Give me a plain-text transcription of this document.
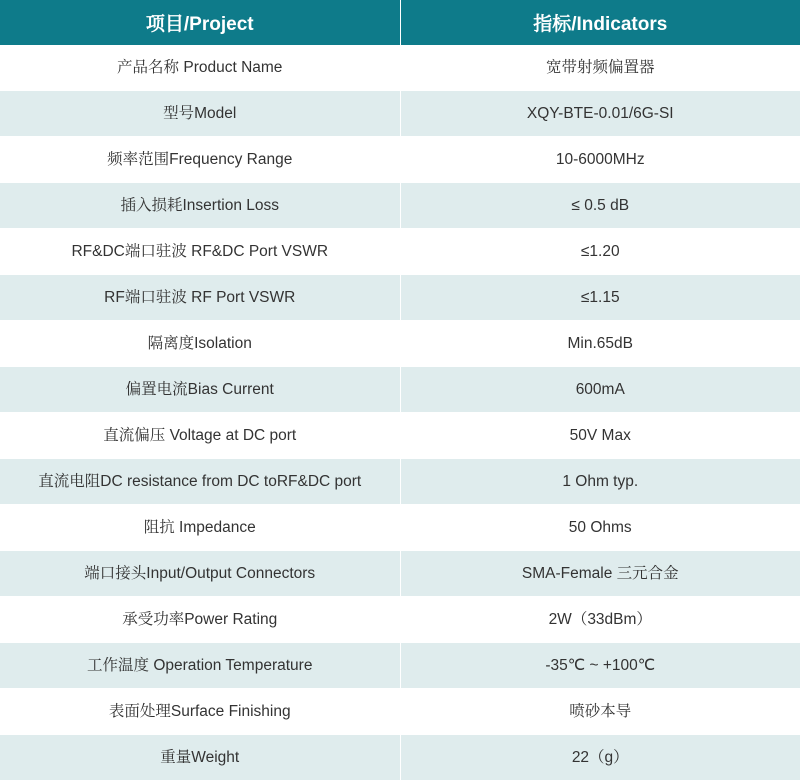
项目/Project	指标/Indicators
产品名称 Product Name	宽带射频偏置器
型号Model	XQY-BTE-0.01/6G-SI
频率范围Frequency Range	10-6000MHz
插入损耗Insertion Loss	≤ 0.5 dB
RF&DC端口驻波 RF&DC Port VSWR	≤1.20
RF端口驻波 RF Port VSWR	≤1.15
隔离度Isolation	Min.65dB
偏置电流Bias Current	600mA
直流偏压 Voltage at DC port	50V Max
直流电阻DC resistance from DC toRF&DC port	1 Ohm typ.
阻抗 Impedance	50 Ohms
端口接头Input/Output Connectors	SMA-Female 三元合金
承受功率Power Rating	2W（33dBm）
工作温度 Operation Temperature	-35℃ ~ +100℃
表面处理Surface Finishing	喷砂本导
重量Weight	22（g）
